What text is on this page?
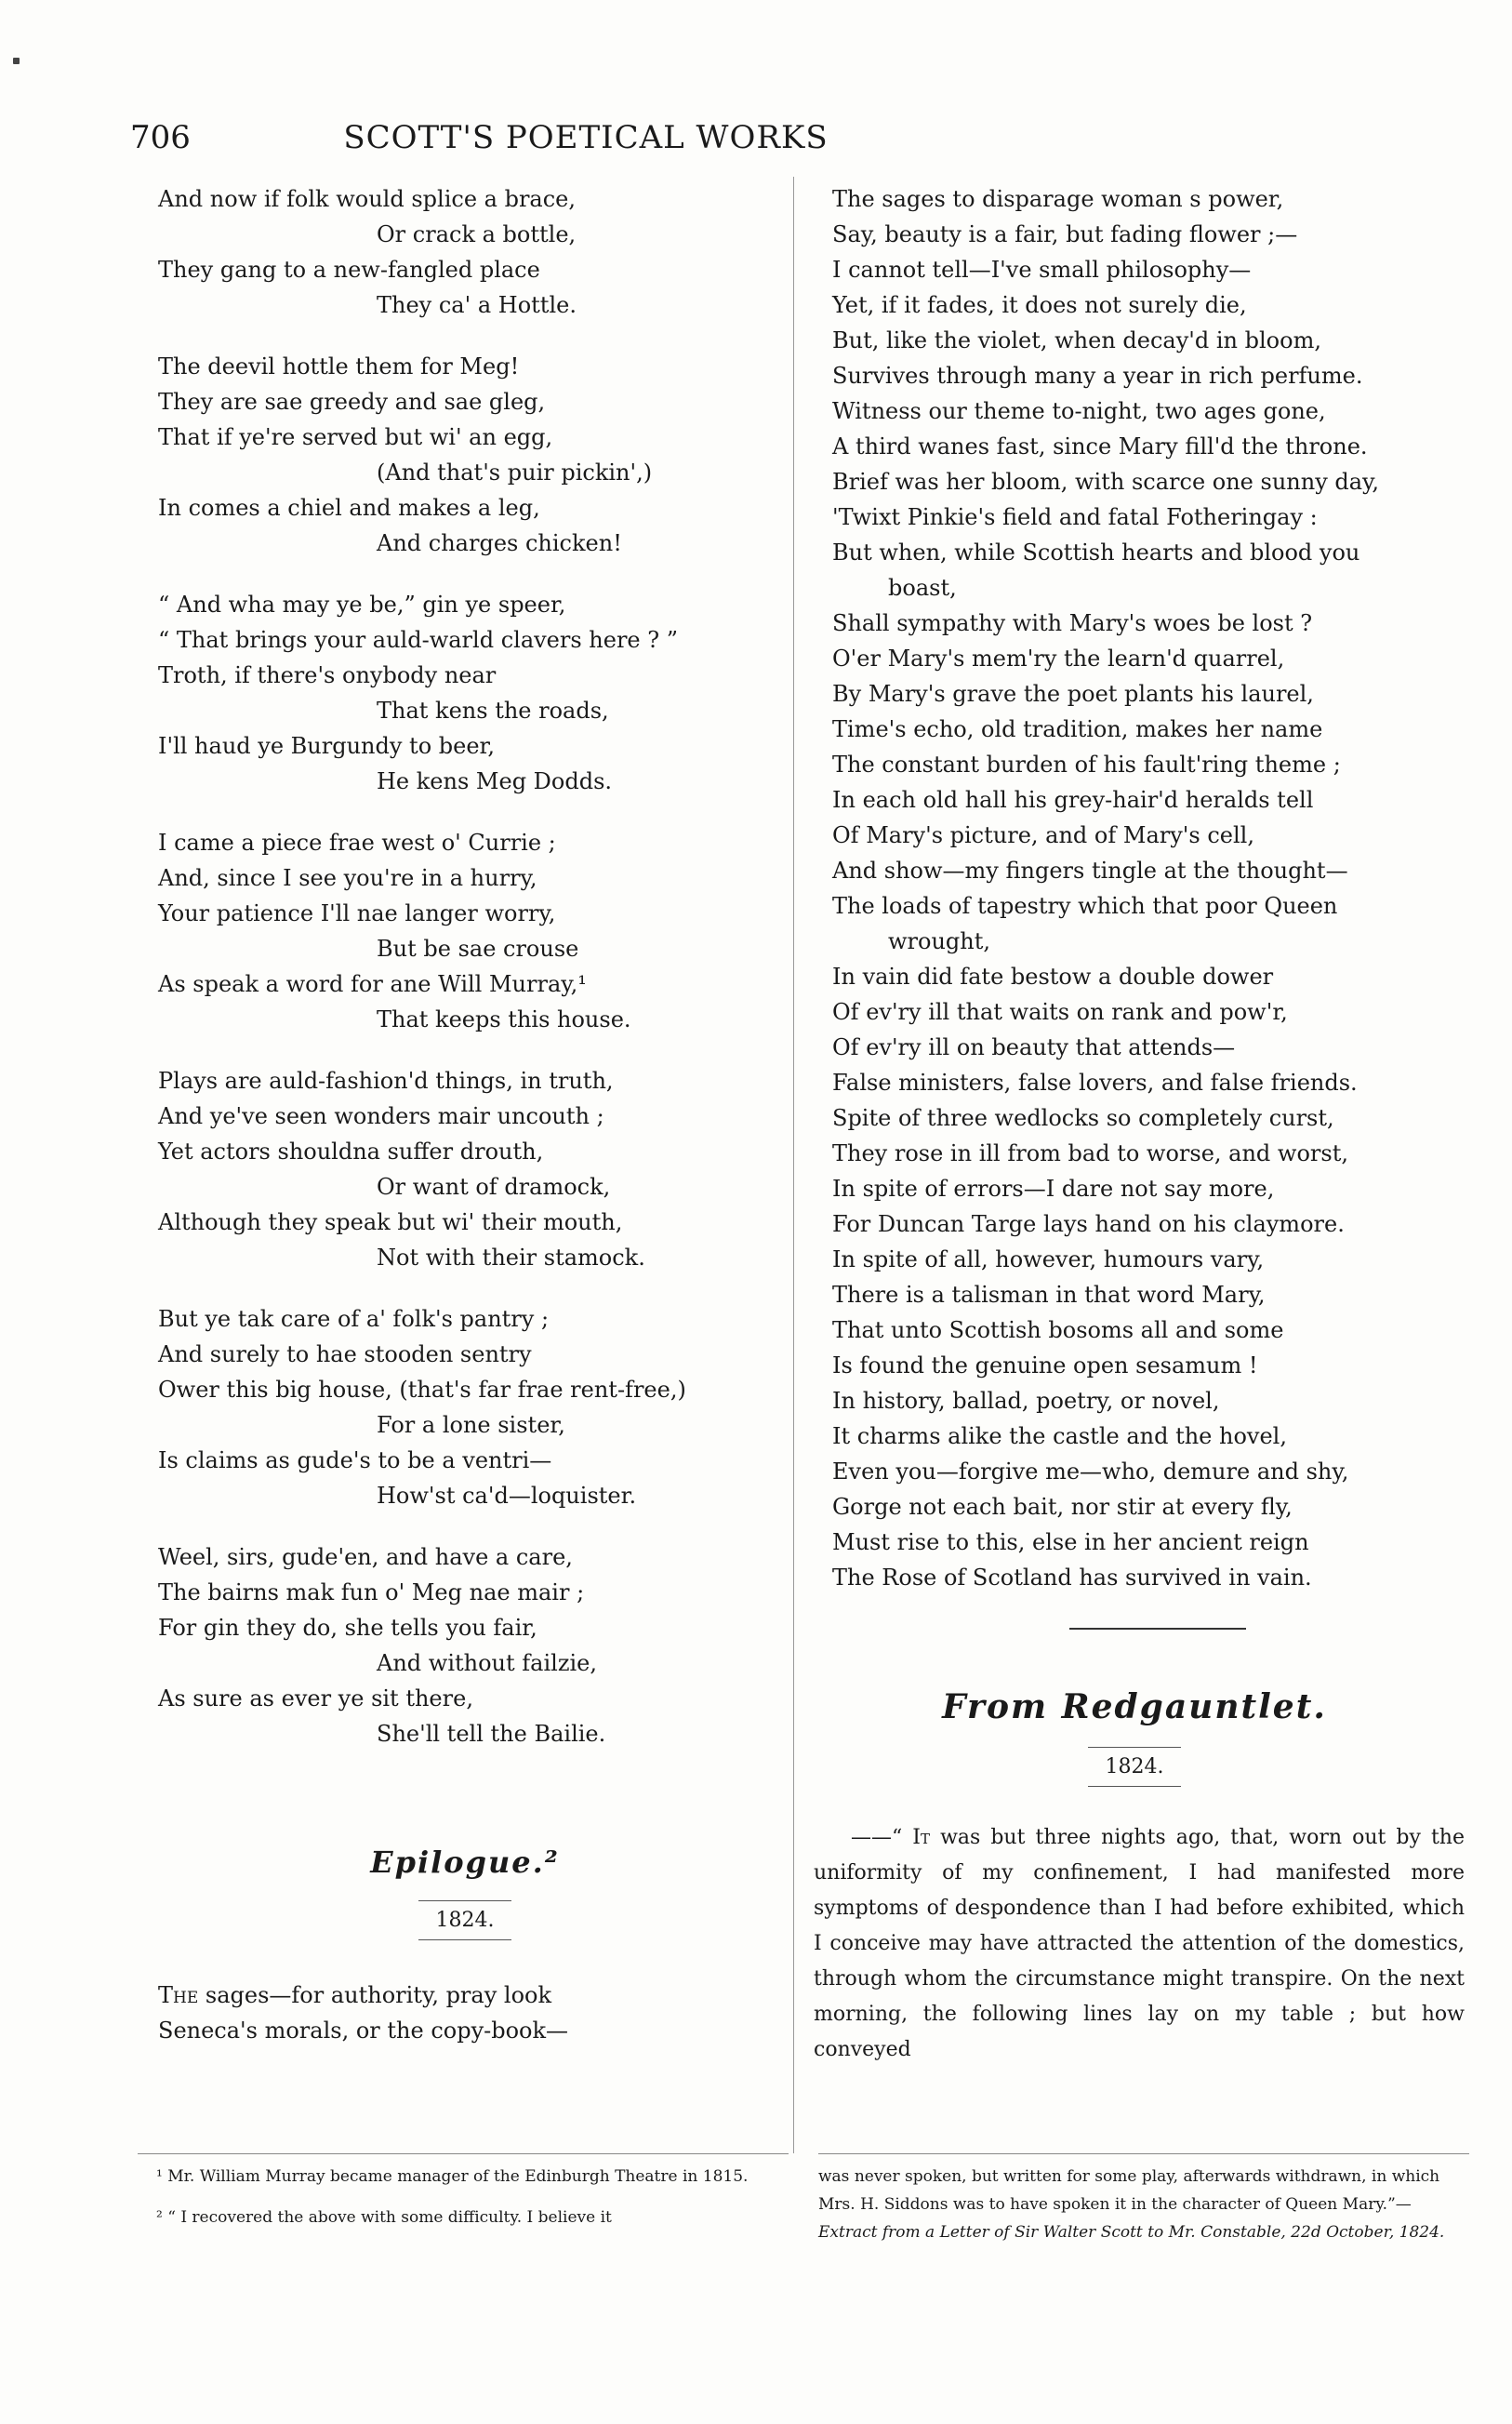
706	SCOTT'S POETICAL WORKS
And now if folk would splice a brace,
Or crack a bottle,
They gang to a new-fangled place
They ca' a Hottle.
The deevil hottle them for Meg!
They are sae greedy and sae gleg,
That if ye're served but wi' an egg,
(And that's puir pickin',)
In comes a chiel and makes a leg,
And charges chicken!
“ And wha may ye be,” gin ye speer,
“ That brings your auld-warld clavers here ? ”
Troth, if there's onybody near
That kens the roads,
I'll haud ye Burgundy to beer,
He kens Meg Dodds.
I came a piece frae west o' Currie ;
And, since I see you're in a hurry,
Your patience I'll nae langer worry,
But be sae crouse
As speak a word for ane Will Murray,¹
That keeps this house.
Plays are auld-fashion'd things, in truth,
And ye've seen wonders mair uncouth ;
Yet actors shouldna suffer drouth,
Or want of dramock,
Although they speak but wi' their mouth,
Not with their stamock.
But ye tak care of a' folk's pantry ;
And surely to hae stooden sentry
Ower this big house, (that's far frae rent-free,)
For a lone sister,
Is claims as gude's to be a ventri—
How'st ca'd—loquister.
Weel, sirs, gude'en, and have a care,
The bairns mak fun o' Meg nae mair ;
For gin they do, she tells you fair,
And without failzie,
As sure as ever ye sit there,
She'll tell the Bailie.
Epilogue.²
1824.
The sages—for authority, pray look
Seneca's morals, or the copy-book—
The sages to disparage woman s power,
Say, beauty is a fair, but fading flower ;—
I cannot tell—I've small philosophy—
Yet, if it fades, it does not surely die,
But, like the violet, when decay'd in bloom,
Survives through many a year in rich perfume.
Witness our theme to-night, two ages gone,
A third wanes fast, since Mary fill'd the throne.
Brief was her bloom, with scarce one sunny day,
'Twixt Pinkie's field and fatal Fotheringay :
But when, while Scottish hearts and blood you
boast,
Shall sympathy with Mary's woes be lost ?
O'er Mary's mem'ry the learn'd quarrel,
By Mary's grave the poet plants his laurel,
Time's echo, old tradition, makes her name
The constant burden of his fault'ring theme ;
In each old hall his grey-hair'd heralds tell
Of Mary's picture, and of Mary's cell,
And show—my fingers tingle at the thought—
The loads of tapestry which that poor Queen
wrought,
In vain did fate bestow a double dower
Of ev'ry ill that waits on rank and pow'r,
Of ev'ry ill on beauty that attends—
False ministers, false lovers, and false friends.
Spite of three wedlocks so completely curst,
They rose in ill from bad to worse, and worst,
In spite of errors—I dare not say more,
For Duncan Targe lays hand on his claymore.
In spite of all, however, humours vary,
There is a talisman in that word Mary,
That unto Scottish bosoms all and some
Is found the genuine open sesamum !
In history, ballad, poetry, or novel,
It charms alike the castle and the hovel,
Even you—forgive me—who, demure and shy,
Gorge not each bait, nor stir at every fly,
Must rise to this, else in her ancient reign
The Rose of Scotland has survived in vain.
From Redgauntlet.
1824.
——“ It was but three nights ago, that, worn out by the uniformity of my confinement, I had manifested more symptoms of despondence than I had before exhibited, which I conceive may have attracted the attention of the domestics, through whom the circumstance might transpire. On the next morning, the following lines lay on my table ; but how conveyed
¹ Mr. William Murray became manager of the Edinburgh Theatre in 1815.
² “ I recovered the above with some difficulty. I believe it
was never spoken, but written for some play, afterwards withdrawn, in which Mrs. H. Siddons was to have spoken it in the character of Queen Mary.”—Extract from a Letter of Sir Walter Scott to Mr. Constable, 22d October, 1824.
